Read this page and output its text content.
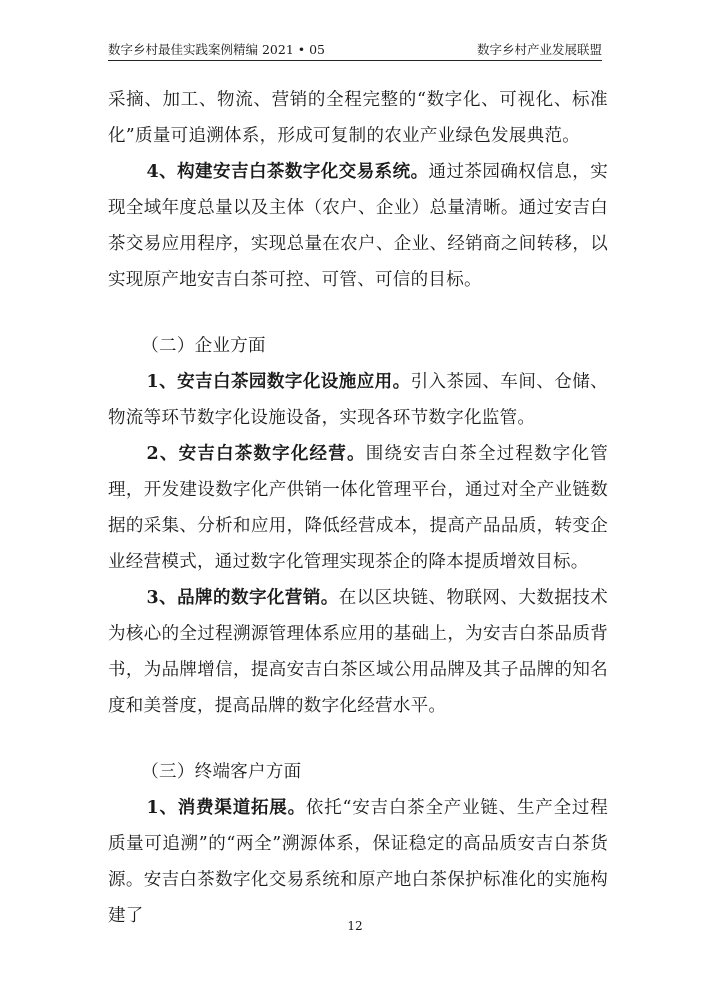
数字乡村最佳实践案例精编 2021 • 05	数字乡村产业发展联盟

采摘、加工、物流、营销的全程完整的“数字化、可视化、标准化”质量可追溯体系，形成可复制的农业产业绿色发展典范。

4、构建安吉白茶数字化交易系统。通过茶园确权信息，实现全域年度总量以及主体（农户、企业）总量清晰。通过安吉白茶交易应用程序，实现总量在农户、企业、经销商之间转移，以实现原产地安吉白茶可控、可管、可信的目标。

（二）企业方面

1、安吉白茶园数字化设施应用。引入茶园、车间、仓储、物流等环节数字化设施设备，实现各环节数字化监管。

2、安吉白茶数字化经营。围绕安吉白茶全过程数字化管理，开发建设数字化产供销一体化管理平台，通过对全产业链数据的采集、分析和应用，降低经营成本，提高产品品质，转变企业经营模式，通过数字化管理实现茶企的降本提质增效目标。

3、品牌的数字化营销。在以区块链、物联网、大数据技术为核心的全过程溯源管理体系应用的基础上，为安吉白茶品质背书，为品牌增信，提高安吉白茶区域公用品牌及其子品牌的知名度和美誉度，提高品牌的数字化经营水平。

（三）终端客户方面

1、消费渠道拓展。依托“安吉白茶全产业链、生产全过程质量可追溯”的“两全”溯源体系，保证稳定的高品质安吉白茶货源。安吉白茶数字化交易系统和原产地白茶保护标准化的实施构建了	12
